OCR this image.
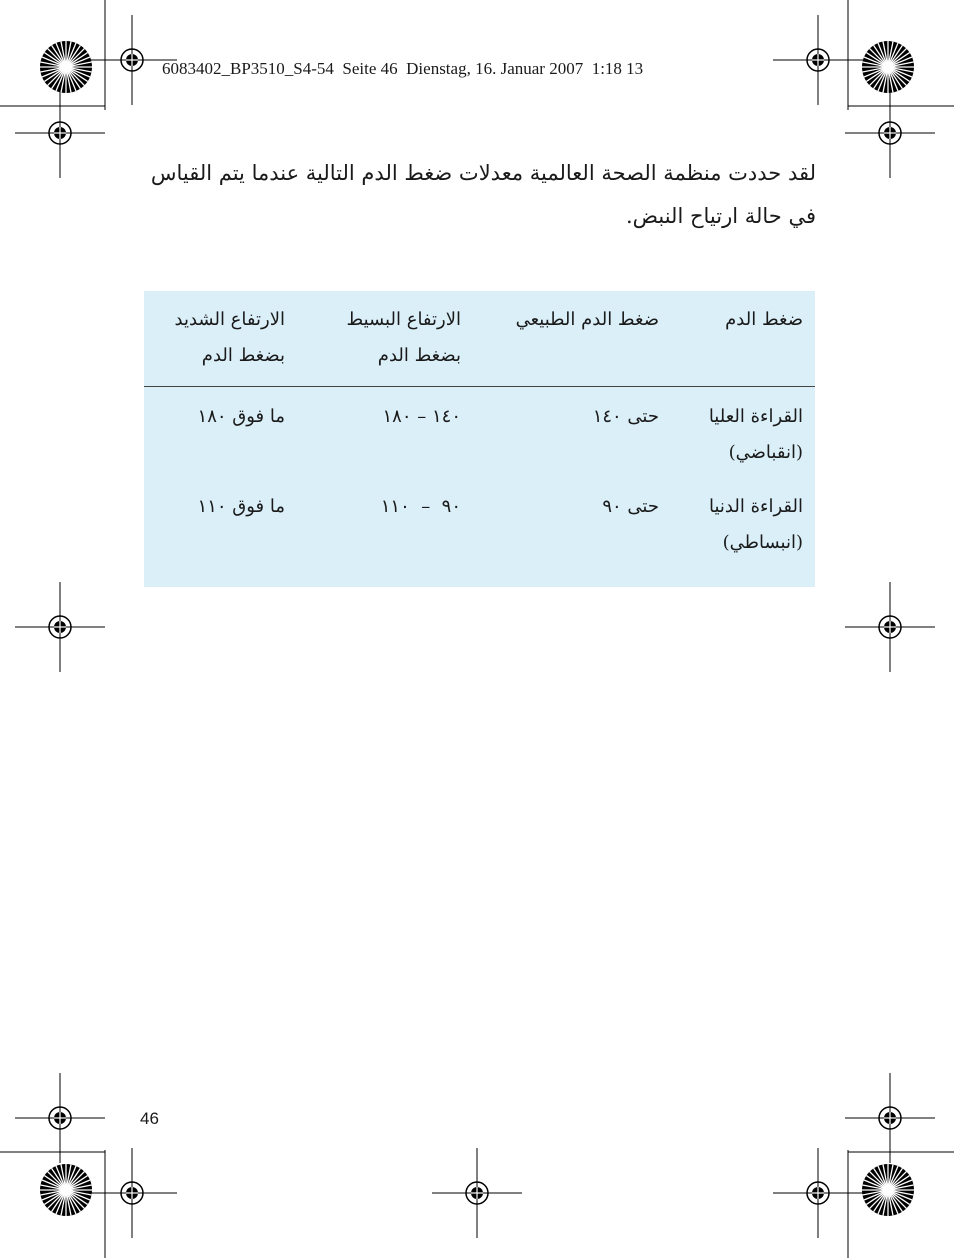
6083402_BP3510_S4-54  Seite 46  Dienstag, 16. Januar 2007  1:18 13
لقد حددت منظمة الصحة العالمية معدلات ضغط الدم التالية عندما يتم القياس في حالة ارتياح النبض.
ضغط الدم
ضغط الدم الطبيعي
الارتفاع البسيط
بضغط الدم
الارتفاع الشديد
بضغط الدم
القراءة العليا
(انقباضي)
حتى ١٤٠
١٤٠ – ١٨٠
ما فوق ١٨٠
القراءة الدنيا
(انبساطي)
حتى ٩٠
٩٠  –  ١١٠
ما فوق ١١٠
46
